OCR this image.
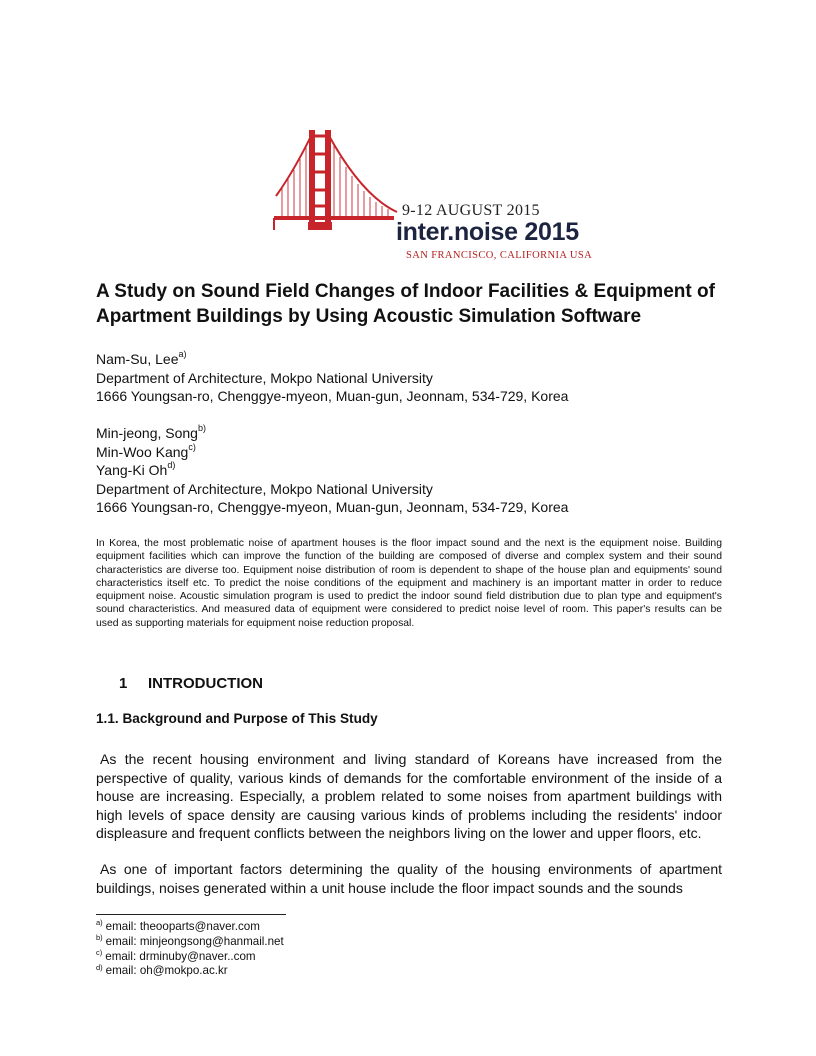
9-12 AUGUST 2015
inter.noise 2015
SAN FRANCISCO, CALIFORNIA USA
A Study on Sound Field Changes of Indoor Facilities & Equipment of Apartment Buildings by Using Acoustic Simulation Software
Nam-Su, Lee$^{a)}$
Department of Architecture, Mokpo National University
1666 Youngsan-ro, Chenggye-myeon, Muan-gun, Jeonnam, 534-729, Korea
Min-jeong, Song$^{b)}$
Min-Woo Kang$^{c)}$
Yang-Ki Oh$^{d)}$
Department of Architecture, Mokpo National University
1666 Youngsan-ro, Chenggye-myeon, Muan-gun, Jeonnam, 534-729, Korea

In Korea, the most problematic noise of apartment houses is the floor impact sound and the next is the equipment noise. Building equipment facilities which can improve the function of the building are composed of diverse and complex system and their sound characteristics are diverse too. Equipment noise distribution of room is dependent to shape of the house plan and equipments' sound characteristics itself etc. To predict the noise conditions of the equipment and machinery is an important matter in order to reduce equipment noise. Acoustic simulation program is used to predict the indoor sound field distribution due to plan type and equipment's sound characteristics. And measured data of equipment were considered to predict noise level of room. This paper's results can be used as supporting materials for equipment noise reduction proposal.

1 INTRODUCTION
1.1. Background and Purpose of This Study

As the recent housing environment and living standard of Koreans have increased from the perspective of quality, various kinds of demands for the comfortable environment of the inside of a house are increasing. Especially, a problem related to some noises from apartment buildings with high levels of space density are causing various kinds of problems including the residents' indoor displeasure and frequent conflicts between the neighbors living on the lower and upper floors, etc.

As one of important factors determining the quality of the housing environments of apartment buildings, noises generated within a unit house include the floor impact sounds and the sounds

$^{a)}$ email: theooparts@naver.com
$^{b)}$ email: minjeongsong@hanmail.net
$^{c)}$ email: drminuby@naver..com
$^{d)}$ email: oh@mokpo.ac.kr
